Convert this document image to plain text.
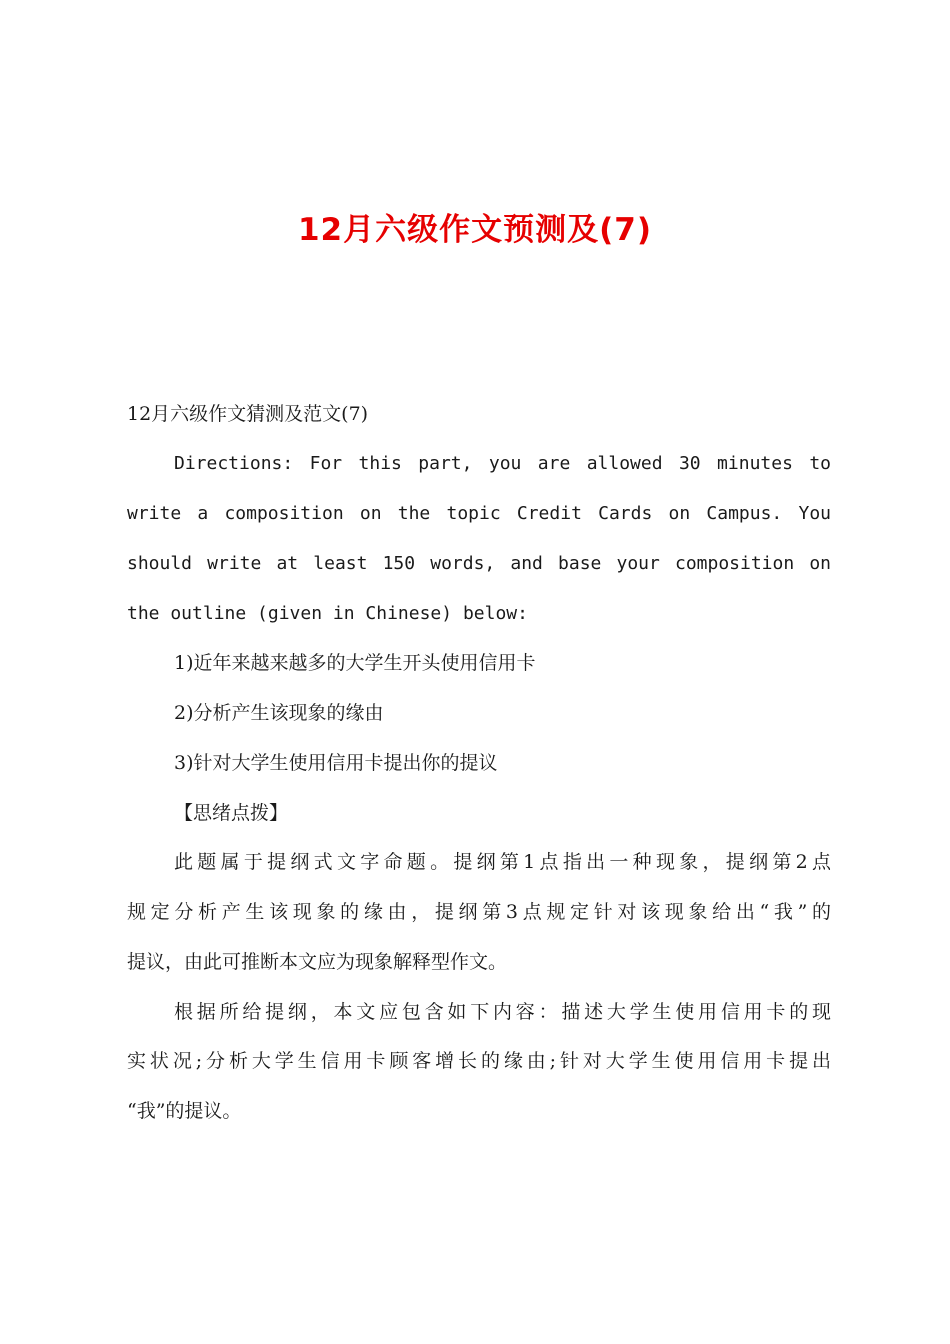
12月六级作文预测及(7)
12月六级作文猜测及范文(7)
Directions: For this part, you are allowed 30 minutes to
write a composition on the topic Credit Cards on Campus. You
should write at least 150 words, and base your composition on
the outline (given in Chinese) below:
1)近年来越来越多的大学生开头使用信用卡
2)分析产生该现象的缘由
3)针对大学生使用信用卡提出你的提议
【思绪点拨】
此题属于提纲式文字命题。提纲第1点指出一种现象，提纲第2点
规定分析产生该现象的缘由，提纲第3点规定针对该现象给出“我”的
提议，由此可推断本文应为现象解释型作文。
根据所给提纲，本文应包含如下内容：描述大学生使用信用卡的现
实状况;分析大学生信用卡顾客增长的缘由;针对大学生使用信用卡提出
“我”的提议。
